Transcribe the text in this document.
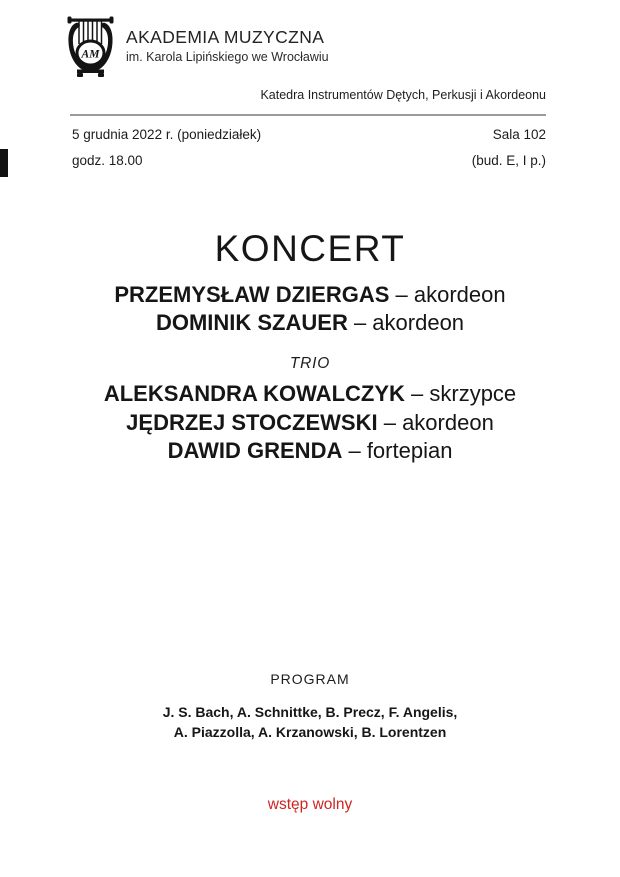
AM
AKADEMIA MUZYCZNA
im. Karola Lipińskiego we Wrocławiu
Katedra Instrumentów Dętych, Perkusji i Akordeonu
5 grudnia 2022 r. (poniedziałek)
godz. 18.00
Sala 102
(bud. E, I p.)
KONCERT
PRZEMYSŁAW DZIERGAS – akordeon
DOMINIK SZAUER – akordeon
TRIO
ALEKSANDRA KOWALCZYK – skrzypce
JĘDRZEJ STOCZEWSKI – akordeon
DAWID GRENDA – fortepian
PROGRAM
J. S. Bach, A. Schnittke, B. Precz, F. Angelis,
A. Piazzolla, A. Krzanowski, B. Lorentzen
wstęp wolny
